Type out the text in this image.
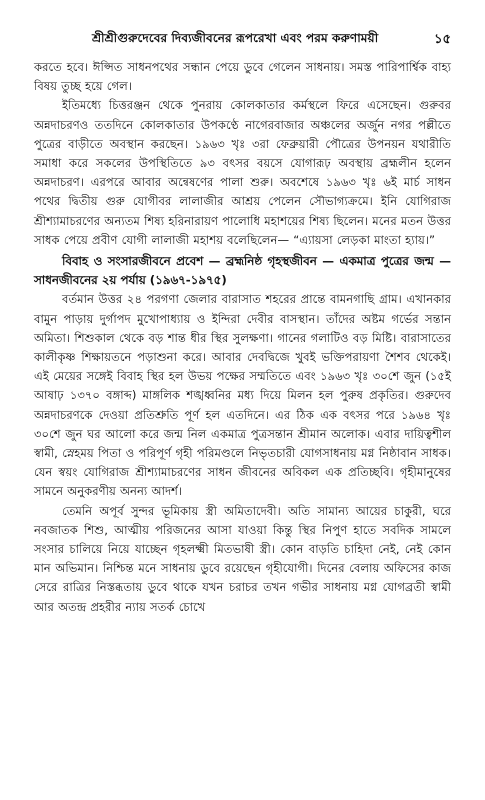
শ্রীশ্রীগুরুদেবের দিব্যজীবনের রূপরেখা এবং পরম করুণাময়ী	১৫

করতে হবে। ঈপ্সিত সাধনপথের সন্ধান পেয়ে ডুবে গেলেন সাধনায়। সমস্ত পারিপার্শ্বিক বাহ্য বিষয় তুচ্ছ হয়ে গেল।

ইতিমধ্যে চিত্তরঞ্জন থেকে পুনরায় কোলকাতার কর্মস্থলে ফিরে এসেছেন। গুরুবর অন্নদাচরণও ততদিনে কোলকাতার উপকণ্ঠে নাগেরবাজার অঞ্চলের অর্জুন নগর পল্লীতে পুত্রের বাড়ীতে অবস্থান করছেন। ১৯৬৩ খৃঃ ৩রা ফেব্রুয়ারী পৌত্রের উপনয়ন যথারীতি সমাধা করে সকলের উপস্থিতিতে ৯৩ বৎসর বয়সে যোগারূঢ় অবস্থায় ব্রহ্মলীন হলেন অন্নদাচরণ। এরপরে আবার অন্বেষণের পালা শুরু। অবশেষে ১৯৬৩ খৃঃ ৬ই মার্চ সাধন পথের দ্বিতীয় গুরু যোগীবর লালাজীর আশ্রয় পেলেন সৌভাগ্যক্রমে। ইনি যোগিরাজ শ্রীশ্যামাচরণের অন্যতম শিষ্য হরিনারায়ণ পালোধি মহাশয়ের শিষ্য ছিলেন। মনের মতন উত্তর সাধক পেয়ে প্রবীণ যোগী লালাজী মহাশয় বলেছিলেন— “এ্যায়সা লেড়কা মাংতা হ্যায়।”

বিবাহ ও সংসারজীবনে প্রবেশ — ব্রহ্মনিষ্ঠ গৃহস্থজীবন — একমাত্র পুত্রের জন্ম — সাধনজীবনের ২য় পর্যায় (১৯৬৭-১৯৭৫)

বর্তমান উত্তর ২৪ পরগণা জেলার বারাসাত শহরের প্রান্তে বামনগাছি গ্রাম। এখানকার বামুন পাড়ায় দুর্গাপদ মুখোপাধ্যায় ও ইন্দিরা দেবীর বাসস্থান। তাঁদের অষ্টম গর্ভের সন্তান অমিতা। শিশুকাল থেকে বড় শান্ত ধীর স্থির সুলক্ষণা। গানের গলাটিও বড় মিষ্টি। বারাসাতের কালীকৃষ্ণ শিক্ষায়তনে পড়াশুনা করে। আবার দেবদ্বিজে খুবই ভক্তিপরায়ণা শৈশব থেকেই। এই মেয়ের সঙ্গেই বিবাহ স্থির হল উভয় পক্ষের সম্মতিতে এবং ১৯৬৩ খৃঃ ৩০শে জুন (১৫ই আষাঢ় ১৩৭০ বঙ্গাব্দ) মাঙ্গলিক শঙ্খধ্বনির মধ্য দিয়ে মিলন হল পুরুষ প্রকৃতির। গুরুদেব অন্নদাচরণকে দেওয়া প্রতিশ্রুতি পূর্ণ হল এতদিনে। এর ঠিক এক বৎসর পরে ১৯৬৪ খৃঃ ৩০শে জুন ঘর আলো করে জন্ম নিল একমাত্র পুত্রসন্তান শ্রীমান অলোক। এবার দায়িত্বশীল স্বামী, স্নেহময় পিতা ও পরিপূর্ণ গৃহী পরিমণ্ডলে নিভৃতচারী যোগসাধনায় মগ্ন নিষ্ঠাবান সাধক। যেন স্বয়ং যোগিরাজ শ্রীশ্যামাচরণের সাধন জীবনের অবিকল এক প্রতিচ্ছবি। গৃহীমানুষের সামনে অনুকরণীয় অনন্য আদর্শ।

তেমনি অপূর্ব সুন্দর ভূমিকায় স্ত্রী অমিতাদেবী। অতি সামান্য আয়ের চাকুরী, ঘরে নবজাতক শিশু, আত্মীয় পরিজনের আসা যাওয়া কিন্তু স্থির নিপুণ হাতে সবদিক সামলে সংসার চালিয়ে নিয়ে যাচ্ছেন গৃহলক্ষ্মী মিতভাষী স্ত্রী। কোন বাড়তি চাহিদা নেই, নেই কোন মান অভিমান। নিশ্চিন্ত মনে সাধনায় ডুবে রয়েছেন গৃহীযোগী। দিনের বেলায় অফিসের কাজ সেরে রাত্রির নিস্তব্ধতায় ডুবে থাকে যখন চরাচর তখন গভীর সাধনায় মগ্ন যোগব্রতী স্বামী আর অতন্দ্র প্রহরীর ন্যায় সতর্ক চোখে
